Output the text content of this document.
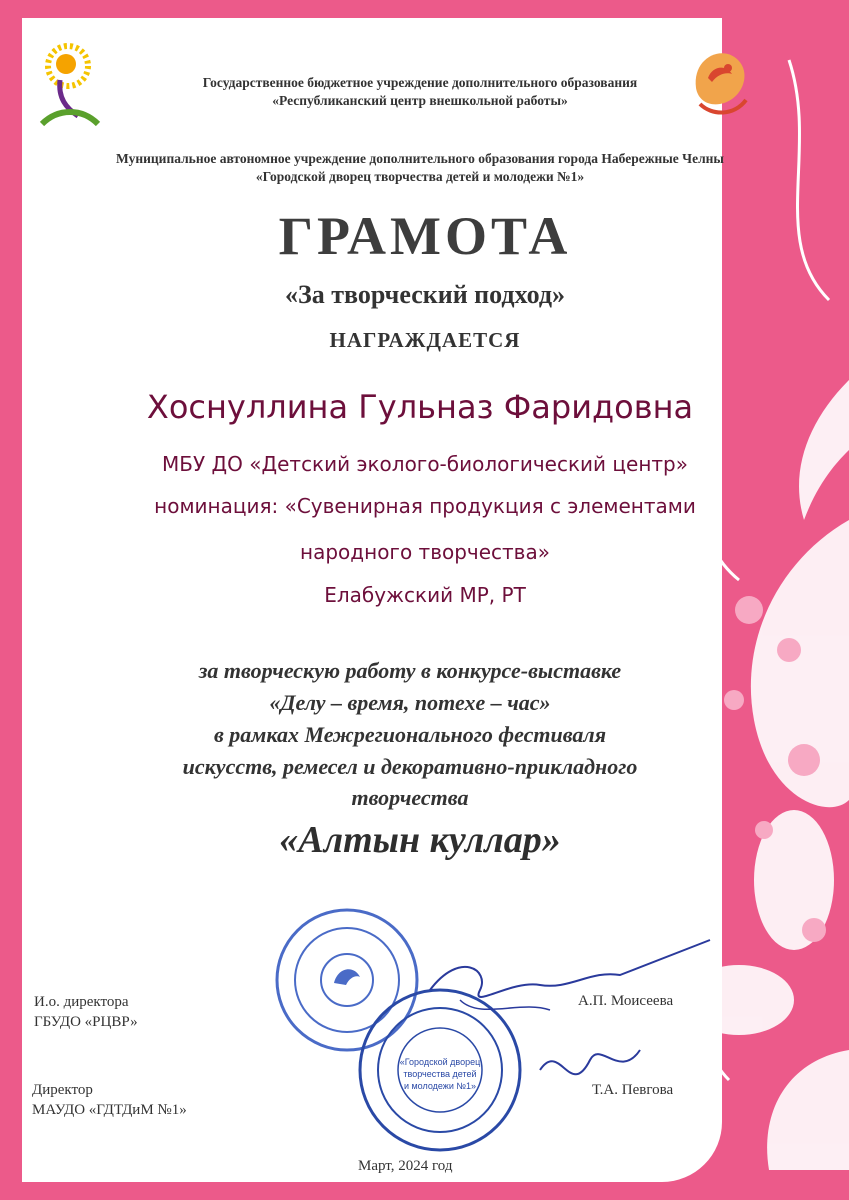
Государственное бюджетное учреждение дополнительного образования
«Республиканский центр внешкольной работы»
Муниципальное автономное учреждение дополнительного образования города Набережные Челны
«Городской дворец творчества детей и молодежи №1»
ГРАМОТА
«За творческий подход»
НАГРАЖДАЕТСЯ
Хоснуллина Гульназ Фаридовна
МБУ ДО «Детский эколого-биологический центр»
номинация: «Сувенирная продукция с элементами
народного творчества»
Елабужский МР, РТ
за творческую работу в конкурсе-выставке
«Делу – время, потехе – час»
в рамках Межрегионального фестиваля
искусств, ремесел и декоративно-прикладного
творчества
«Алтын куллар»
«Городской дворец
творчества детей
и молодежи №1»
И.о. директора
ГБУДО «РЦВР»
А.П. Моисеева
Директор
МАУДО «ГДТДиМ №1»
Т.А. Певгова
Март, 2024 год
